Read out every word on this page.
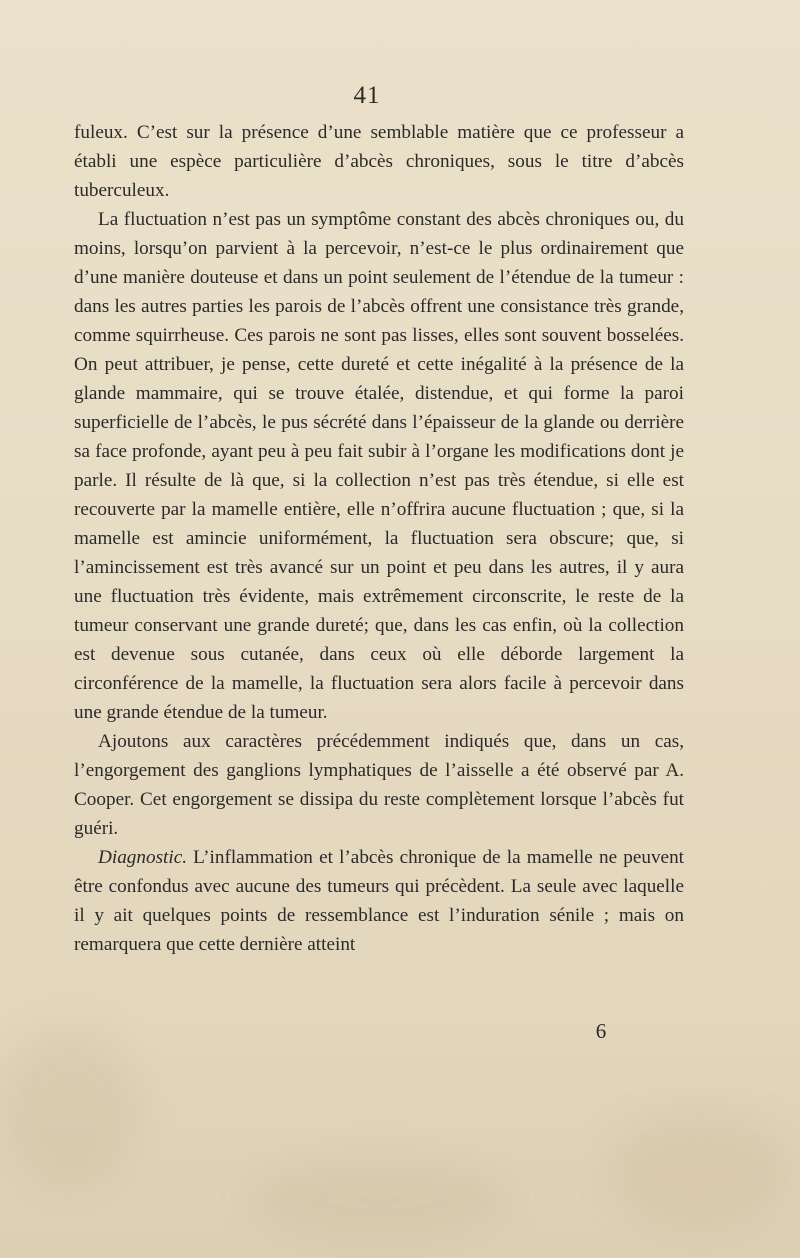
41

fuleux. C’est sur la présence d’une semblable matière que ce professeur a établi une espèce particulière d’abcès chroniques, sous le titre d’abcès tuberculeux.

La fluctuation n’est pas un symptôme constant des abcès chroniques ou, du moins, lorsqu’on parvient à la percevoir, n’est-ce le plus ordinairement que d’une manière douteuse et dans un point seulement de l’étendue de la tumeur : dans les autres parties les parois de l’abcès offrent une consistance très grande, comme squirrheuse. Ces parois ne sont pas lisses, elles sont souvent bosselées. On peut attribuer, je pense, cette dureté et cette inégalité à la présence de la glande mammaire, qui se trouve étalée, distendue, et qui forme la paroi superficielle de l’abcès, le pus sécrété dans l’épaisseur de la glande ou derrière sa face profonde, ayant peu à peu fait subir à l’organe les modifications dont je parle. Il résulte de là que, si la collection n’est pas très étendue, si elle est recouverte par la mamelle entière, elle n’offrira aucune fluctuation ; que, si la mamelle est amincie uniformément, la fluctuation sera obscure; que, si l’amincissement est très avancé sur un point et peu dans les autres, il y aura une fluctuation très évidente, mais extrêmement circonscrite, le reste de la tumeur conservant une grande dureté; que, dans les cas enfin, où la collection est devenue sous cutanée, dans ceux où elle déborde largement la circonférence de la mamelle, la fluctuation sera alors facile à percevoir dans une grande étendue de la tumeur.

Ajoutons aux caractères précédemment indiqués que, dans un cas, l’engorgement des ganglions lymphatiques de l’aisselle a été observé par A. Cooper. Cet engorgement se dissipa du reste complètement lorsque l’abcès fut guéri.

Diagnostic. L’inflammation et l’abcès chronique de la mamelle ne peuvent être confondus avec aucune des tumeurs qui précèdent. La seule avec laquelle il y ait quelques points de ressemblance est l’induration sénile ; mais on remarquera que cette dernière atteint

6
